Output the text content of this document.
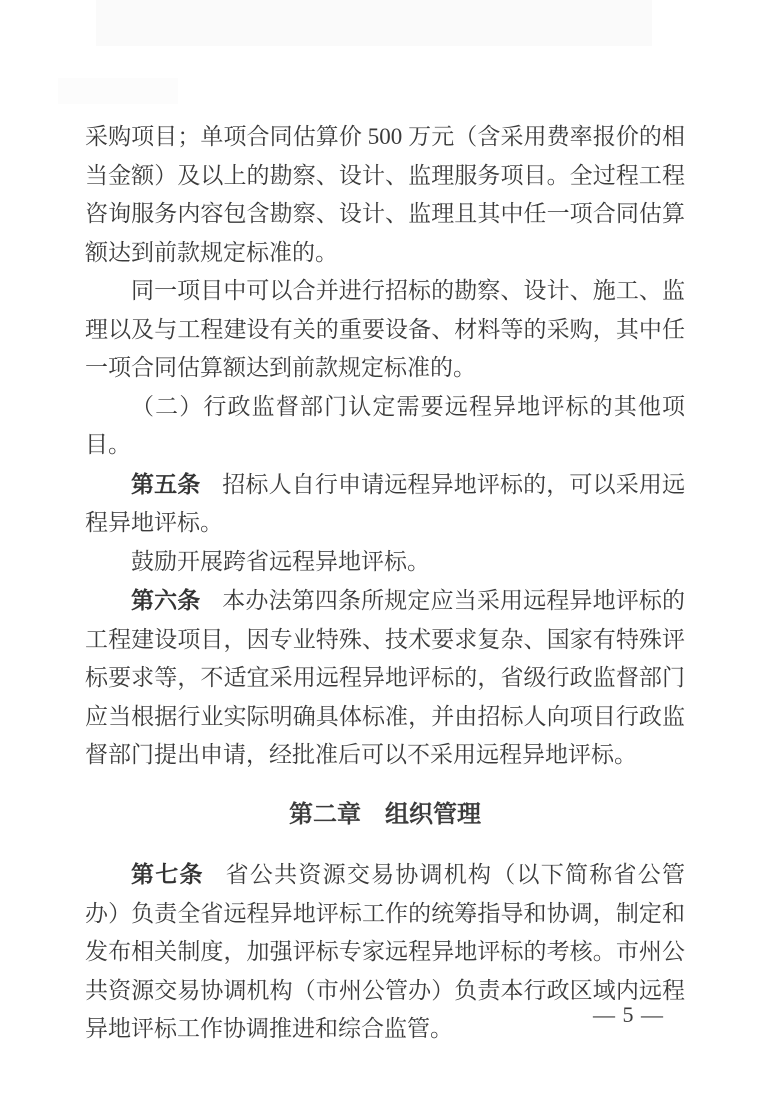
采购项目；单项合同估算价 500 万元（含采用费率报价的相当金额）及以上的勘察、设计、监理服务项目。全过程工程咨询服务内容包含勘察、设计、监理且其中任一项合同估算额达到前款规定标准的。

同一项目中可以合并进行招标的勘察、设计、施工、监理以及与工程建设有关的重要设备、材料等的采购，其中任一项合同估算额达到前款规定标准的。

（二）行政监督部门认定需要远程异地评标的其他项目。

第五条 招标人自行申请远程异地评标的，可以采用远程异地评标。

鼓励开展跨省远程异地评标。

第六条 本办法第四条所规定应当采用远程异地评标的工程建设项目，因专业特殊、技术要求复杂、国家有特殊评标要求等，不适宜采用远程异地评标的，省级行政监督部门应当根据行业实际明确具体标准，并由招标人向项目行政监督部门提出申请，经批准后可以不采用远程异地评标。

第二章　组织管理

第七条 省公共资源交易协调机构（以下简称省公管办）负责全省远程异地评标工作的统筹指导和协调，制定和发布相关制度，加强评标专家远程异地评标的考核。市州公共资源交易协调机构（市州公管办）负责本行政区域内远程异地评标工作协调推进和综合监管。

— 5 —
